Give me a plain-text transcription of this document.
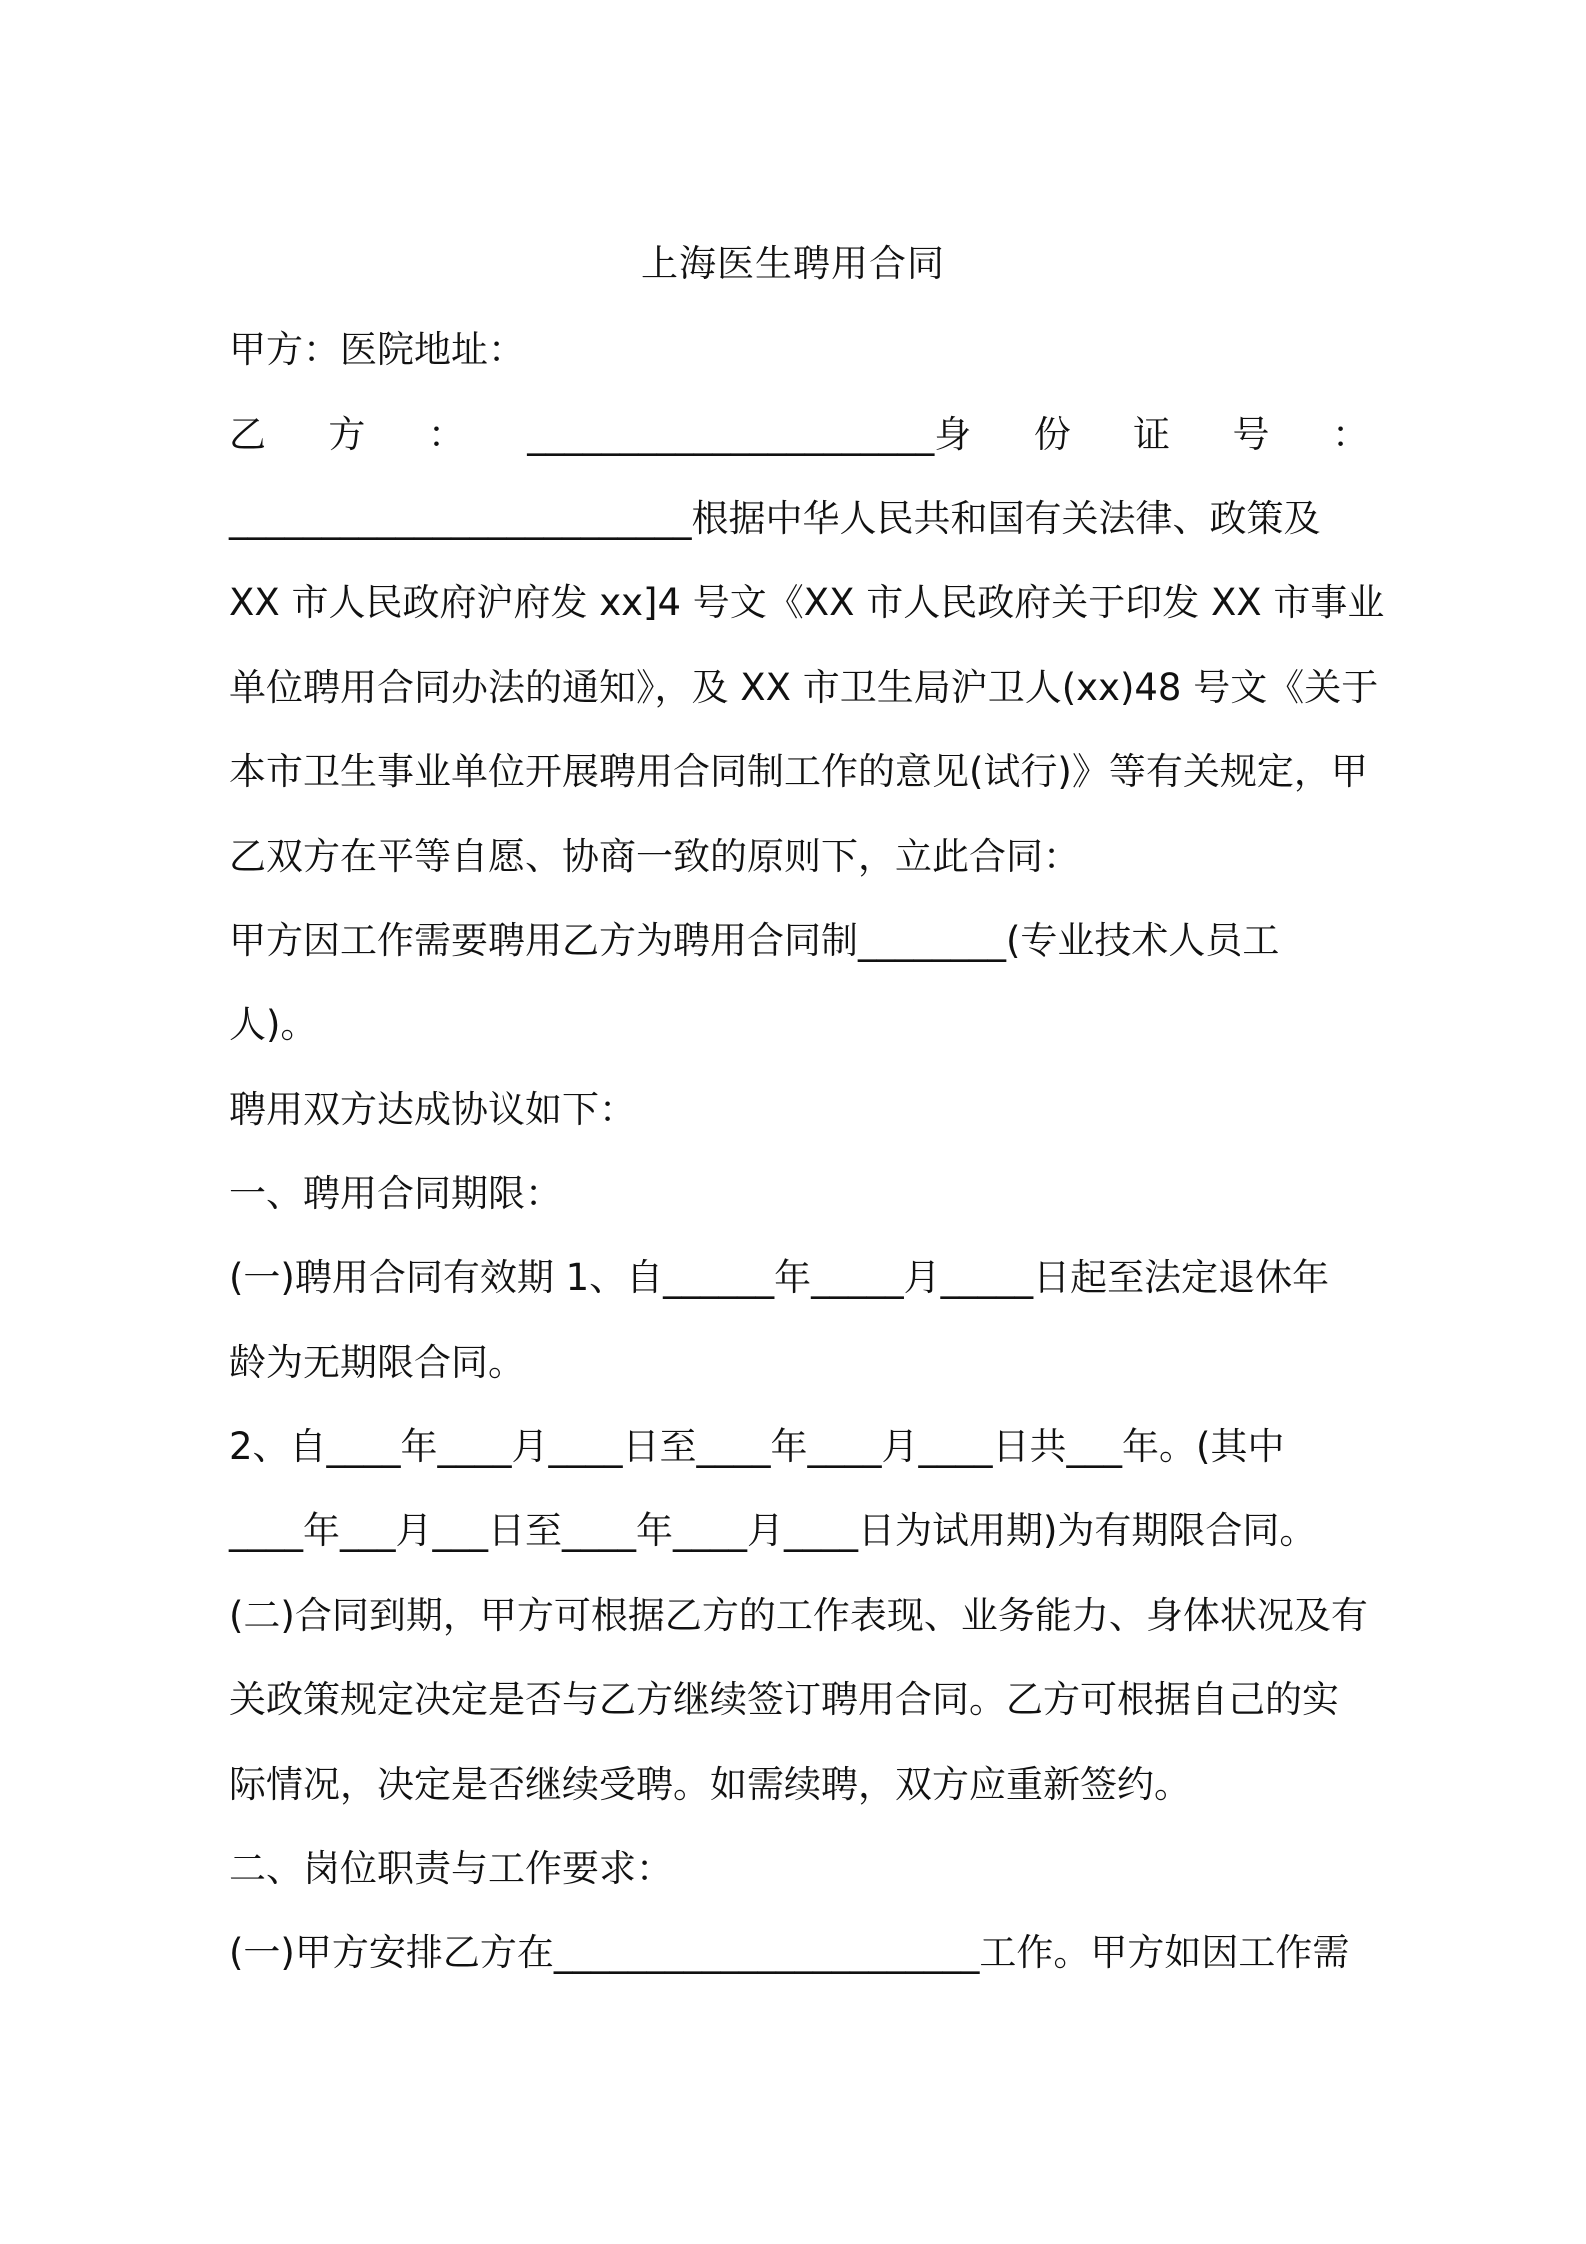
上海医生聘用合同
甲方：医院地址：
乙 方 ： ______________________身 份 证 号 ：
_________________________根据中华人民共和国有关法律、政策及
XX 市人民政府沪府发 xx]4 号文《XX 市人民政府关于印发 XX 市事业
单位聘用合同办法的通知》，及 XX 市卫生局沪卫人(xx)48 号文《关于
本市卫生事业单位开展聘用合同制工作的意见(试行)》等有关规定，甲
乙双方在平等自愿、协商一致的原则下，立此合同：
甲方因工作需要聘用乙方为聘用合同制________(专业技术人员工
人)。
聘用双方达成协议如下：
一、聘用合同期限：
(一)聘用合同有效期 1、自______年_____月_____日起至法定退休年
龄为无期限合同。
2、自____年____月____日至____年____月____日共___年。(其中
____年___月___日至____年____月____日为试用期)为有期限合同。
(二)合同到期，甲方可根据乙方的工作表现、业务能力、身体状况及有
关政策规定决定是否与乙方继续签订聘用合同。乙方可根据自己的实
际情况，决定是否继续受聘。如需续聘，双方应重新签约。
二、岗位职责与工作要求：
(一)甲方安排乙方在_______________________工作。甲方如因工作需
